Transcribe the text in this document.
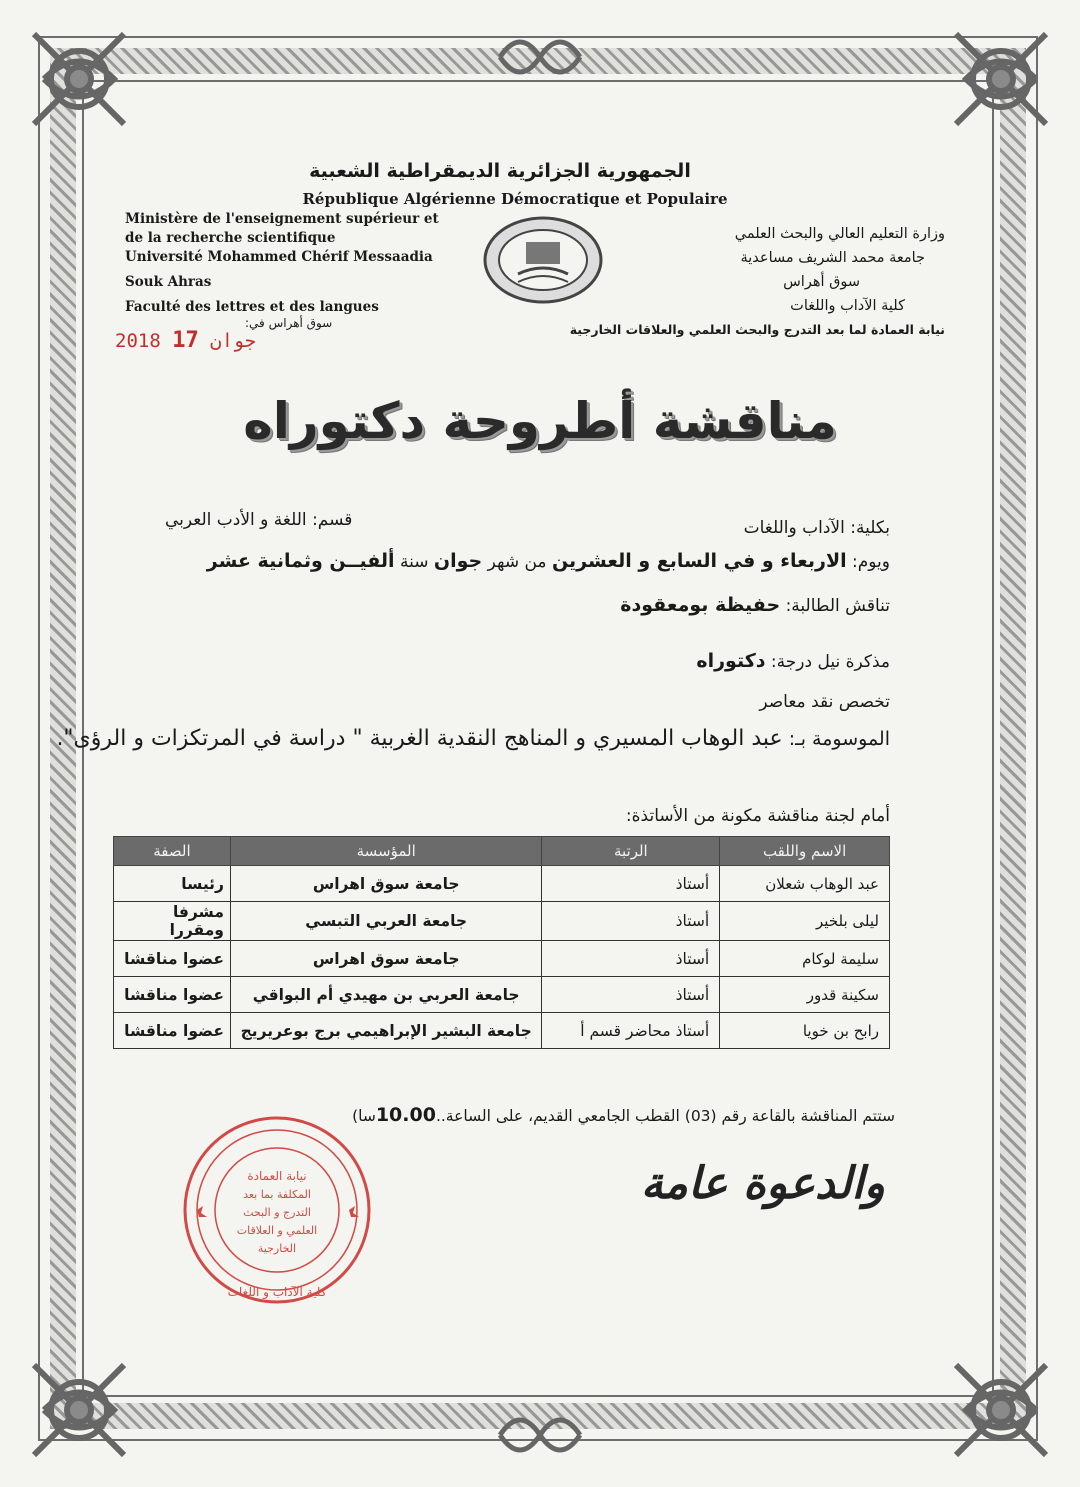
الجمهورية الجزائرية الديمقراطية الشعبية
République Algérienne Démocratique et Populaire
Ministère de l'enseignement supérieur et
de la recherche scientifique
Université Mohammed Chérif Messaadia
Souk Ahras
Faculté des lettres et des langues
وزارة التعليم العالي والبحث العلمي
جامعة محمد الشريف مساعدية
سوق أهراس
كلية الآداب واللغات
نيابة العمادة لما بعد التدرج والبحث العلمي والعلاقات الخارجية
سوق أهراس في:
2018	جوان 17
مناقشة أطروحة دكتوراه
بكلية: الآداب واللغات
قسم: اللغة و الأدب العربي
ويوم: الاربعاء و في السابع و العشرين من شهر جوان سنة ألفيــن وثمانية عشر
تناقش الطالبة: حفيظة بومعقودة
مذكرة نيل درجة: دكتوراه
تخصص نقد معاصر
الموسومة بـ: عبد الوهاب المسيري و المناهج النقدية الغربية " دراسة في المرتكزات و الرؤى".
أمام لجنة مناقشة مكونة من الأساتذة:
الاسم واللقب	الرتبة	المؤسسة	الصفة
عبد الوهاب شعلان	أستاذ	جامعة سوق اهراس	رئيسا
ليلى بلخير	أستاذ	جامعة العربي التبسي	مشرفا ومقررا
سليمة لوكام	أستاذ	جامعة سوق اهراس	عضوا مناقشا
سكينة قدور	أستاذ	جامعة العربي بن مهيدي أم البواقي	عضوا مناقشا
رابح بن خويا	أستاذ محاضر قسم أ	جامعة البشير الإبراهيمي برج بوعريريج	عضوا مناقشا
ستتم المناقشة بالقاعة رقم (03) القطب الجامعي القديم، على الساعة..10.00سا)
والدعوة عامة
نيابة العمادة
المكلفة بما بعد
التدرج و البحث
العلمي و العلاقات
الخارجية
كلية الآداب و اللغات
